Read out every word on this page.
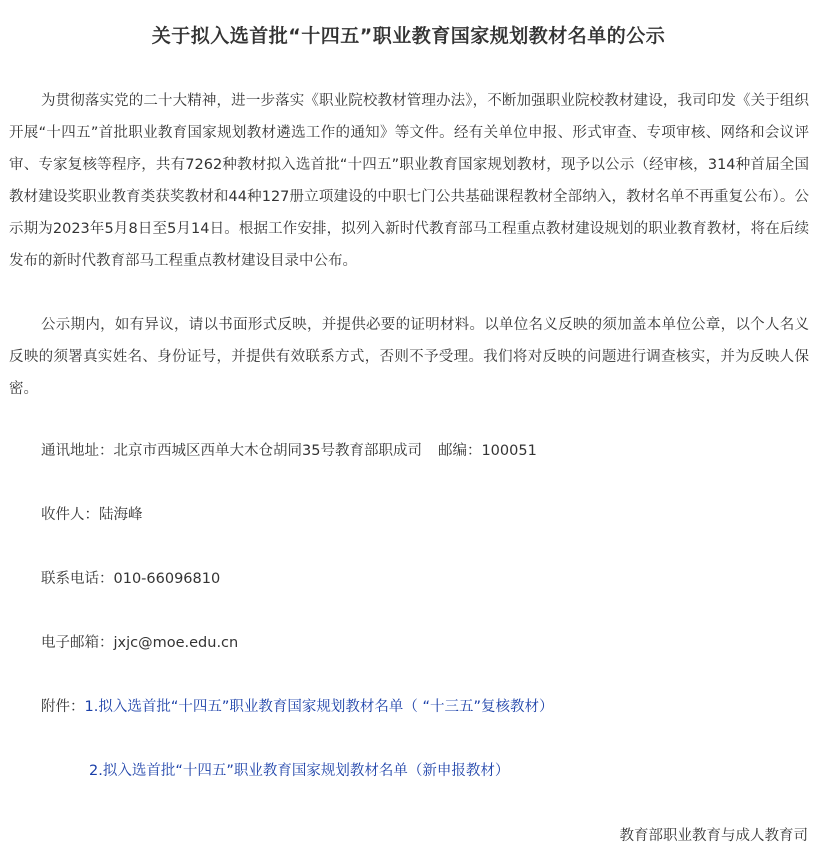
关于拟入选首批“十四五”职业教育国家规划教材名单的公示

为贯彻落实党的二十大精神，进一步落实《职业院校教材管理办法》，不断加强职业院校教材建设，我司印发《关于组织开展“十四五”首批职业教育国家规划教材遴选工作的通知》等文件。经有关单位申报、形式审查、专项审核、网络和会议评审、专家复核等程序，共有7262种教材拟入选首批“十四五”职业教育国家规划教材，现予以公示（经审核，314种首届全国教材建设奖职业教育类获奖教材和44种127册立项建设的中职七门公共基础课程教材全部纳入，教材名单不再重复公布）。公示期为2023年5月8日至5月14日。根据工作安排，拟列入新时代教育部马工程重点教材建设规划的职业教育教材，将在后续发布的新时代教育部马工程重点教材建设目录中公布。

公示期内，如有异议，请以书面形式反映，并提供必要的证明材料。以单位名义反映的须加盖本单位公章，以个人名义反映的须署真实姓名、身份证号，并提供有效联系方式，否则不予受理。我们将对反映的问题进行调查核实，并为反映人保密。

通讯地址：北京市西城区西单大木仓胡同35号教育部职成司 邮编：100051
收件人：陆海峰
联系电话：010-66096810
电子邮箱：jxjc@moe.edu.cn
附件：1.拟入选首批“十四五”职业教育国家规划教材名单（ “十三五”复核教材）
2.拟入选首批“十四五”职业教育国家规划教材名单（新申报教材）
教育部职业教育与成人教育司
